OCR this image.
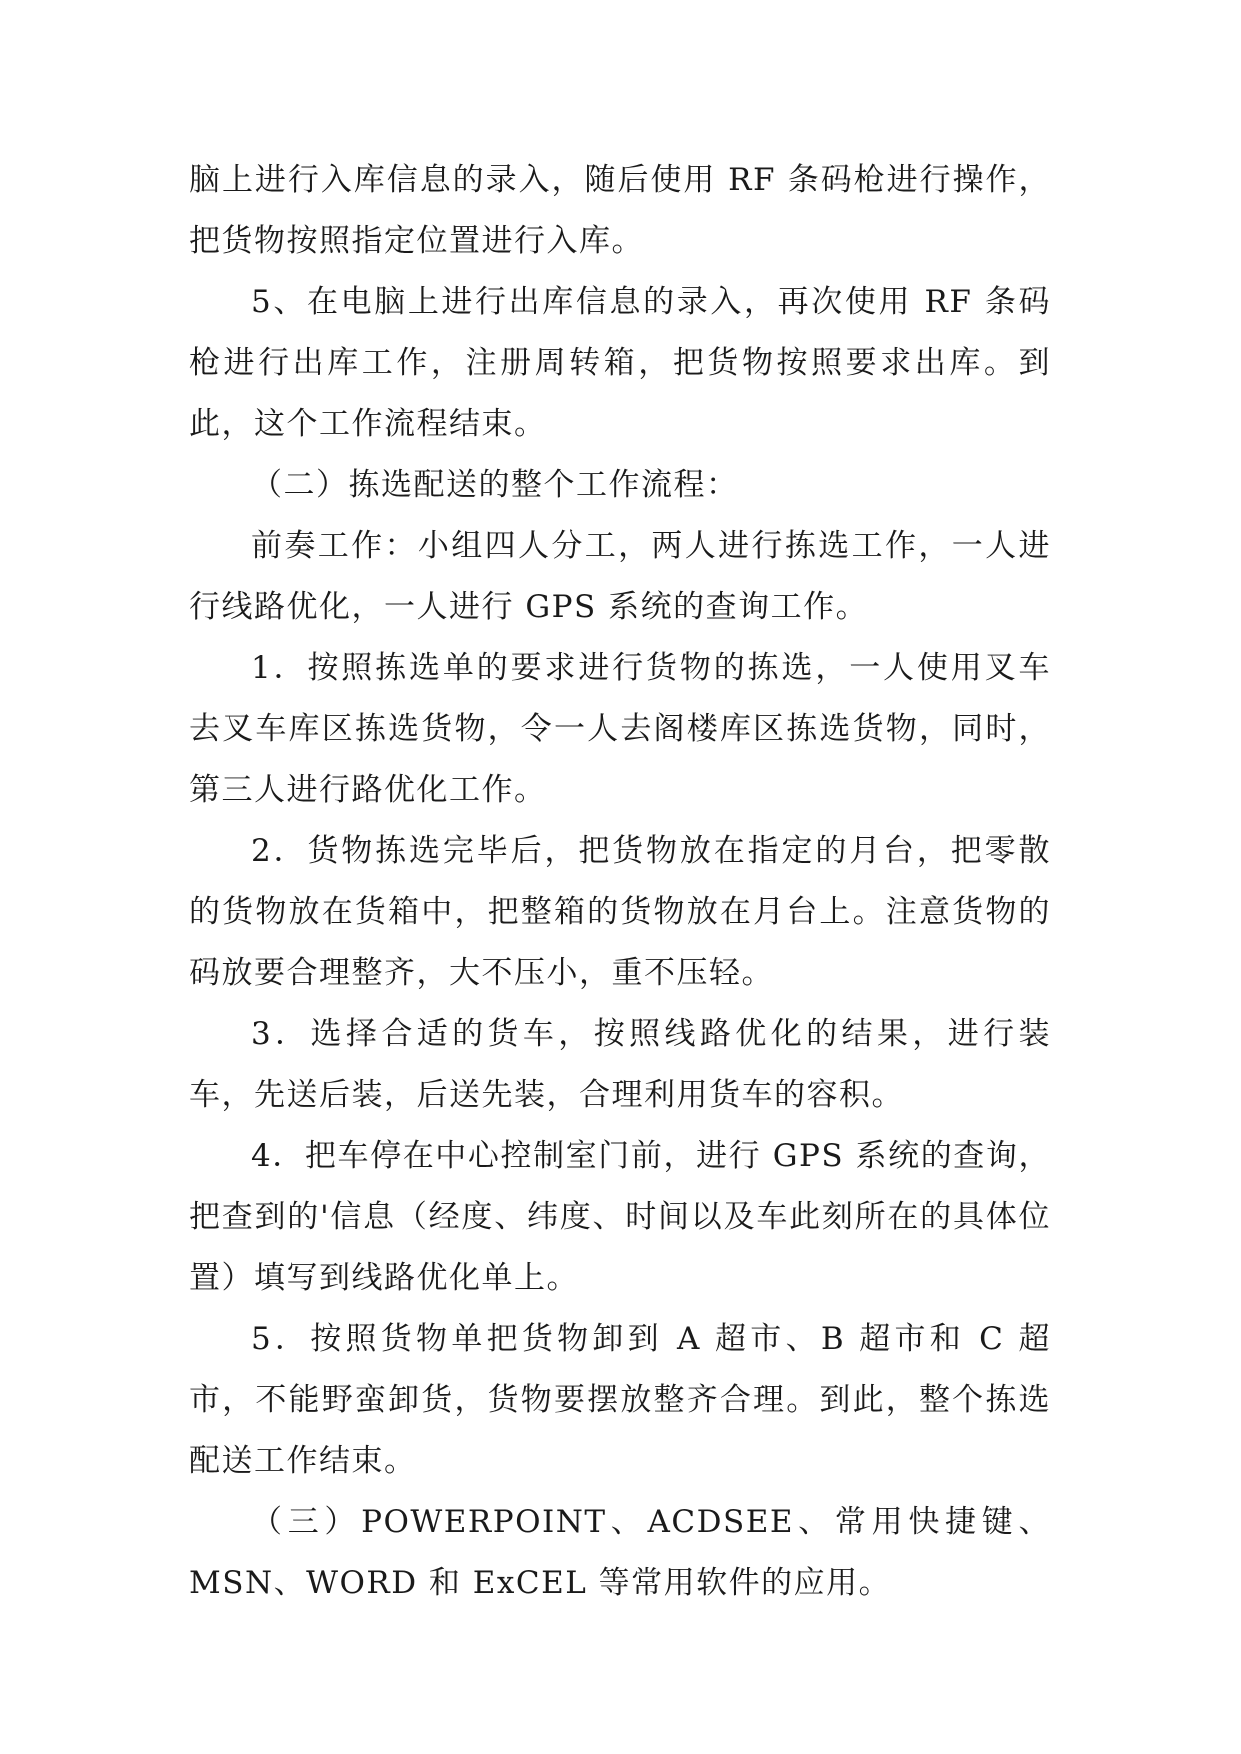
脑上进行入库信息的录入，随后使用 RF 条码枪进行操作，把货物按照指定位置进行入库。

5、在电脑上进行出库信息的录入，再次使用 RF 条码枪进行出库工作，注册周转箱，把货物按照要求出库。到此，这个工作流程结束。

（二）拣选配送的整个工作流程：

前奏工作：小组四人分工，两人进行拣选工作，一人进行线路优化，一人进行 GPS 系统的查询工作。

1．按照拣选单的要求进行货物的拣选，一人使用叉车去叉车库区拣选货物，令一人去阁楼库区拣选货物，同时，第三人进行路优化工作。

2．货物拣选完毕后，把货物放在指定的月台，把零散的货物放在货箱中，把整箱的货物放在月台上。注意货物的码放要合理整齐，大不压小，重不压轻。

3．选择合适的货车，按照线路优化的结果，进行装车，先送后装，后送先装，合理利用货车的容积。

4．把车停在中心控制室门前，进行 GPS 系统的查询，把查到的'信息（经度、纬度、时间以及车此刻所在的具体位置）填写到线路优化单上。

5．按照货物单把货物卸到 A 超市、B 超市和 C 超市，不能野蛮卸货，货物要摆放整齐合理。到此，整个拣选配送工作结束。

（三）POWERPOINT、ACDSEE、常用快捷键、MSN、WORD 和 ExCEL 等常用软件的应用。
